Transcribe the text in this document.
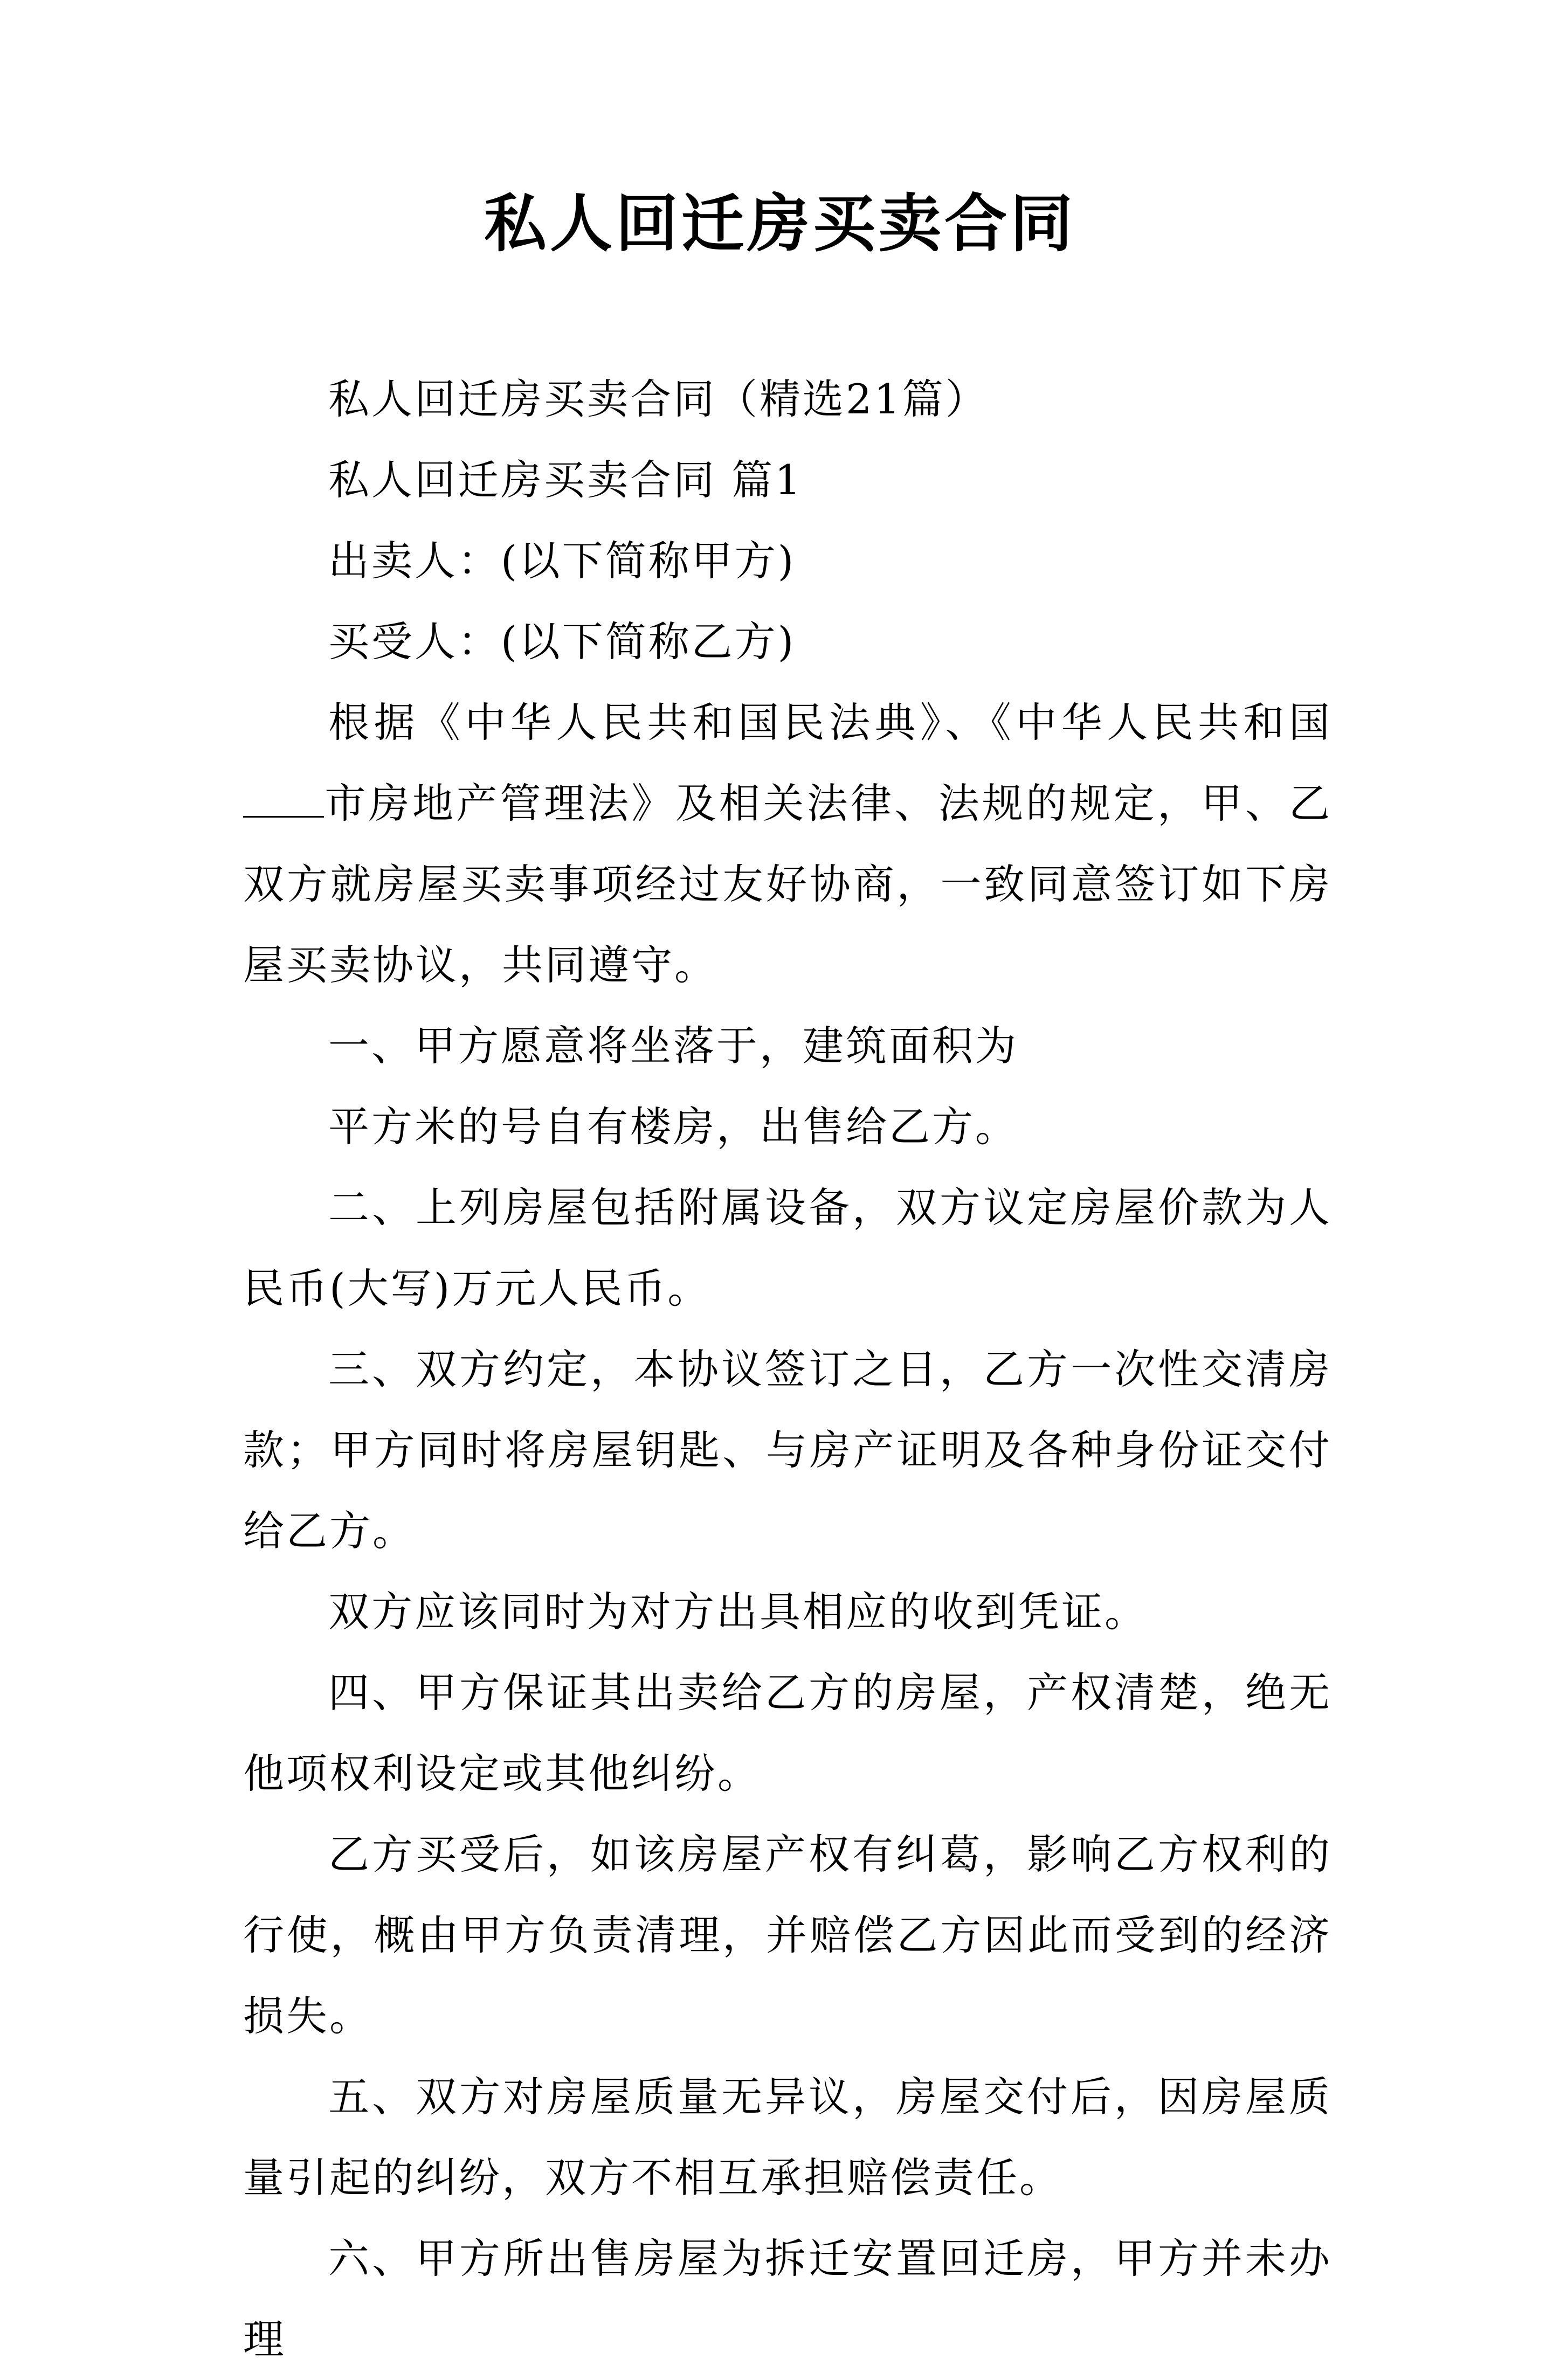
私人回迁房买卖合同

私人回迁房买卖合同（精选21篇）

私人回迁房买卖合同 篇1

出卖人：(以下简称甲方)

买受人：(以下简称乙方)

根据《中华人民共和国民法典》、《中华人民共和国市房地产管理法》及相关法律、法规的规定，甲、乙双方就房屋买卖事项经过友好协商，一致同意签订如下房屋买卖协议，共同遵守。

一、甲方愿意将坐落于，建筑面积为

平方米的号自有楼房，出售给乙方。

二、上列房屋包括附属设备，双方议定房屋价款为人民币(大写)万元人民币。

三、双方约定，本协议签订之日，乙方一次性交清房款；甲方同时将房屋钥匙、与房产证明及各种身份证交付给乙方。

双方应该同时为对方出具相应的收到凭证。

四、甲方保证其出卖给乙方的房屋，产权清楚，绝无他项权利设定或其他纠纷。

乙方买受后，如该房屋产权有纠葛，影响乙方权利的行使，概由甲方负责清理，并赔偿乙方因此而受到的经济损失。

五、双方对房屋质量无异议，房屋交付后，因房屋质量引起的纠纷，双方不相互承担赔偿责任。

六、甲方所出售房屋为拆迁安置回迁房，甲方并未办理
